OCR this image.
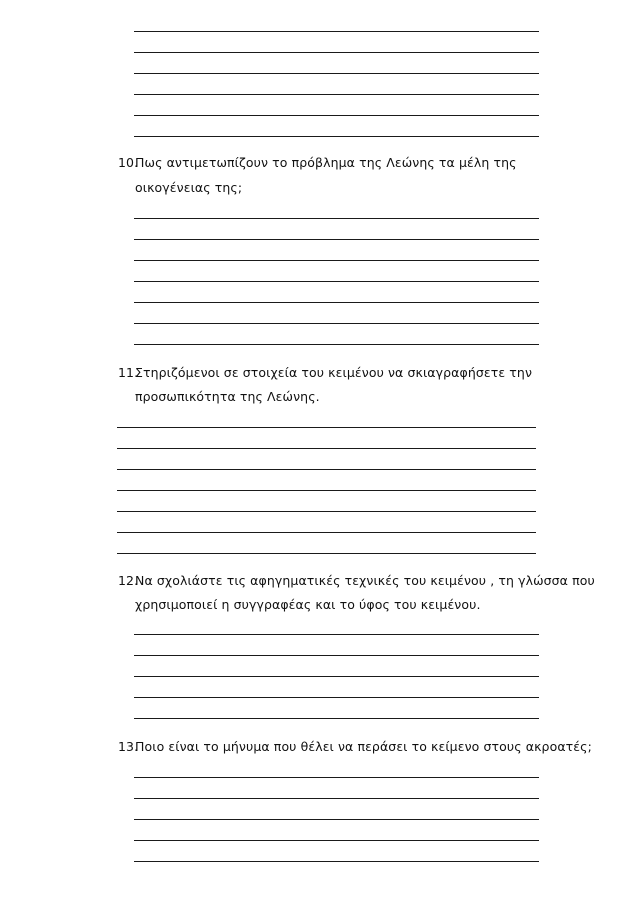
10.
Πως αντιμετωπίζουν το πρόβλημα της Λεώνης τα μέλη της
οικογένειας της;
11.
Στηριζόμενοι σε στοιχεία του κειμένου να σκιαγραφήσετε την
προσωπικότητα της Λεώνης.
12.
Να σχολιάστε τις αφηγηματικές τεχνικές του κειμένου , τη γλώσσα που
χρησιμοποιεί η συγγραφέας και το ύφος του κειμένου.
13.
Ποιο είναι το μήνυμα που θέλει να περάσει το κείμενο στους ακροατές;
